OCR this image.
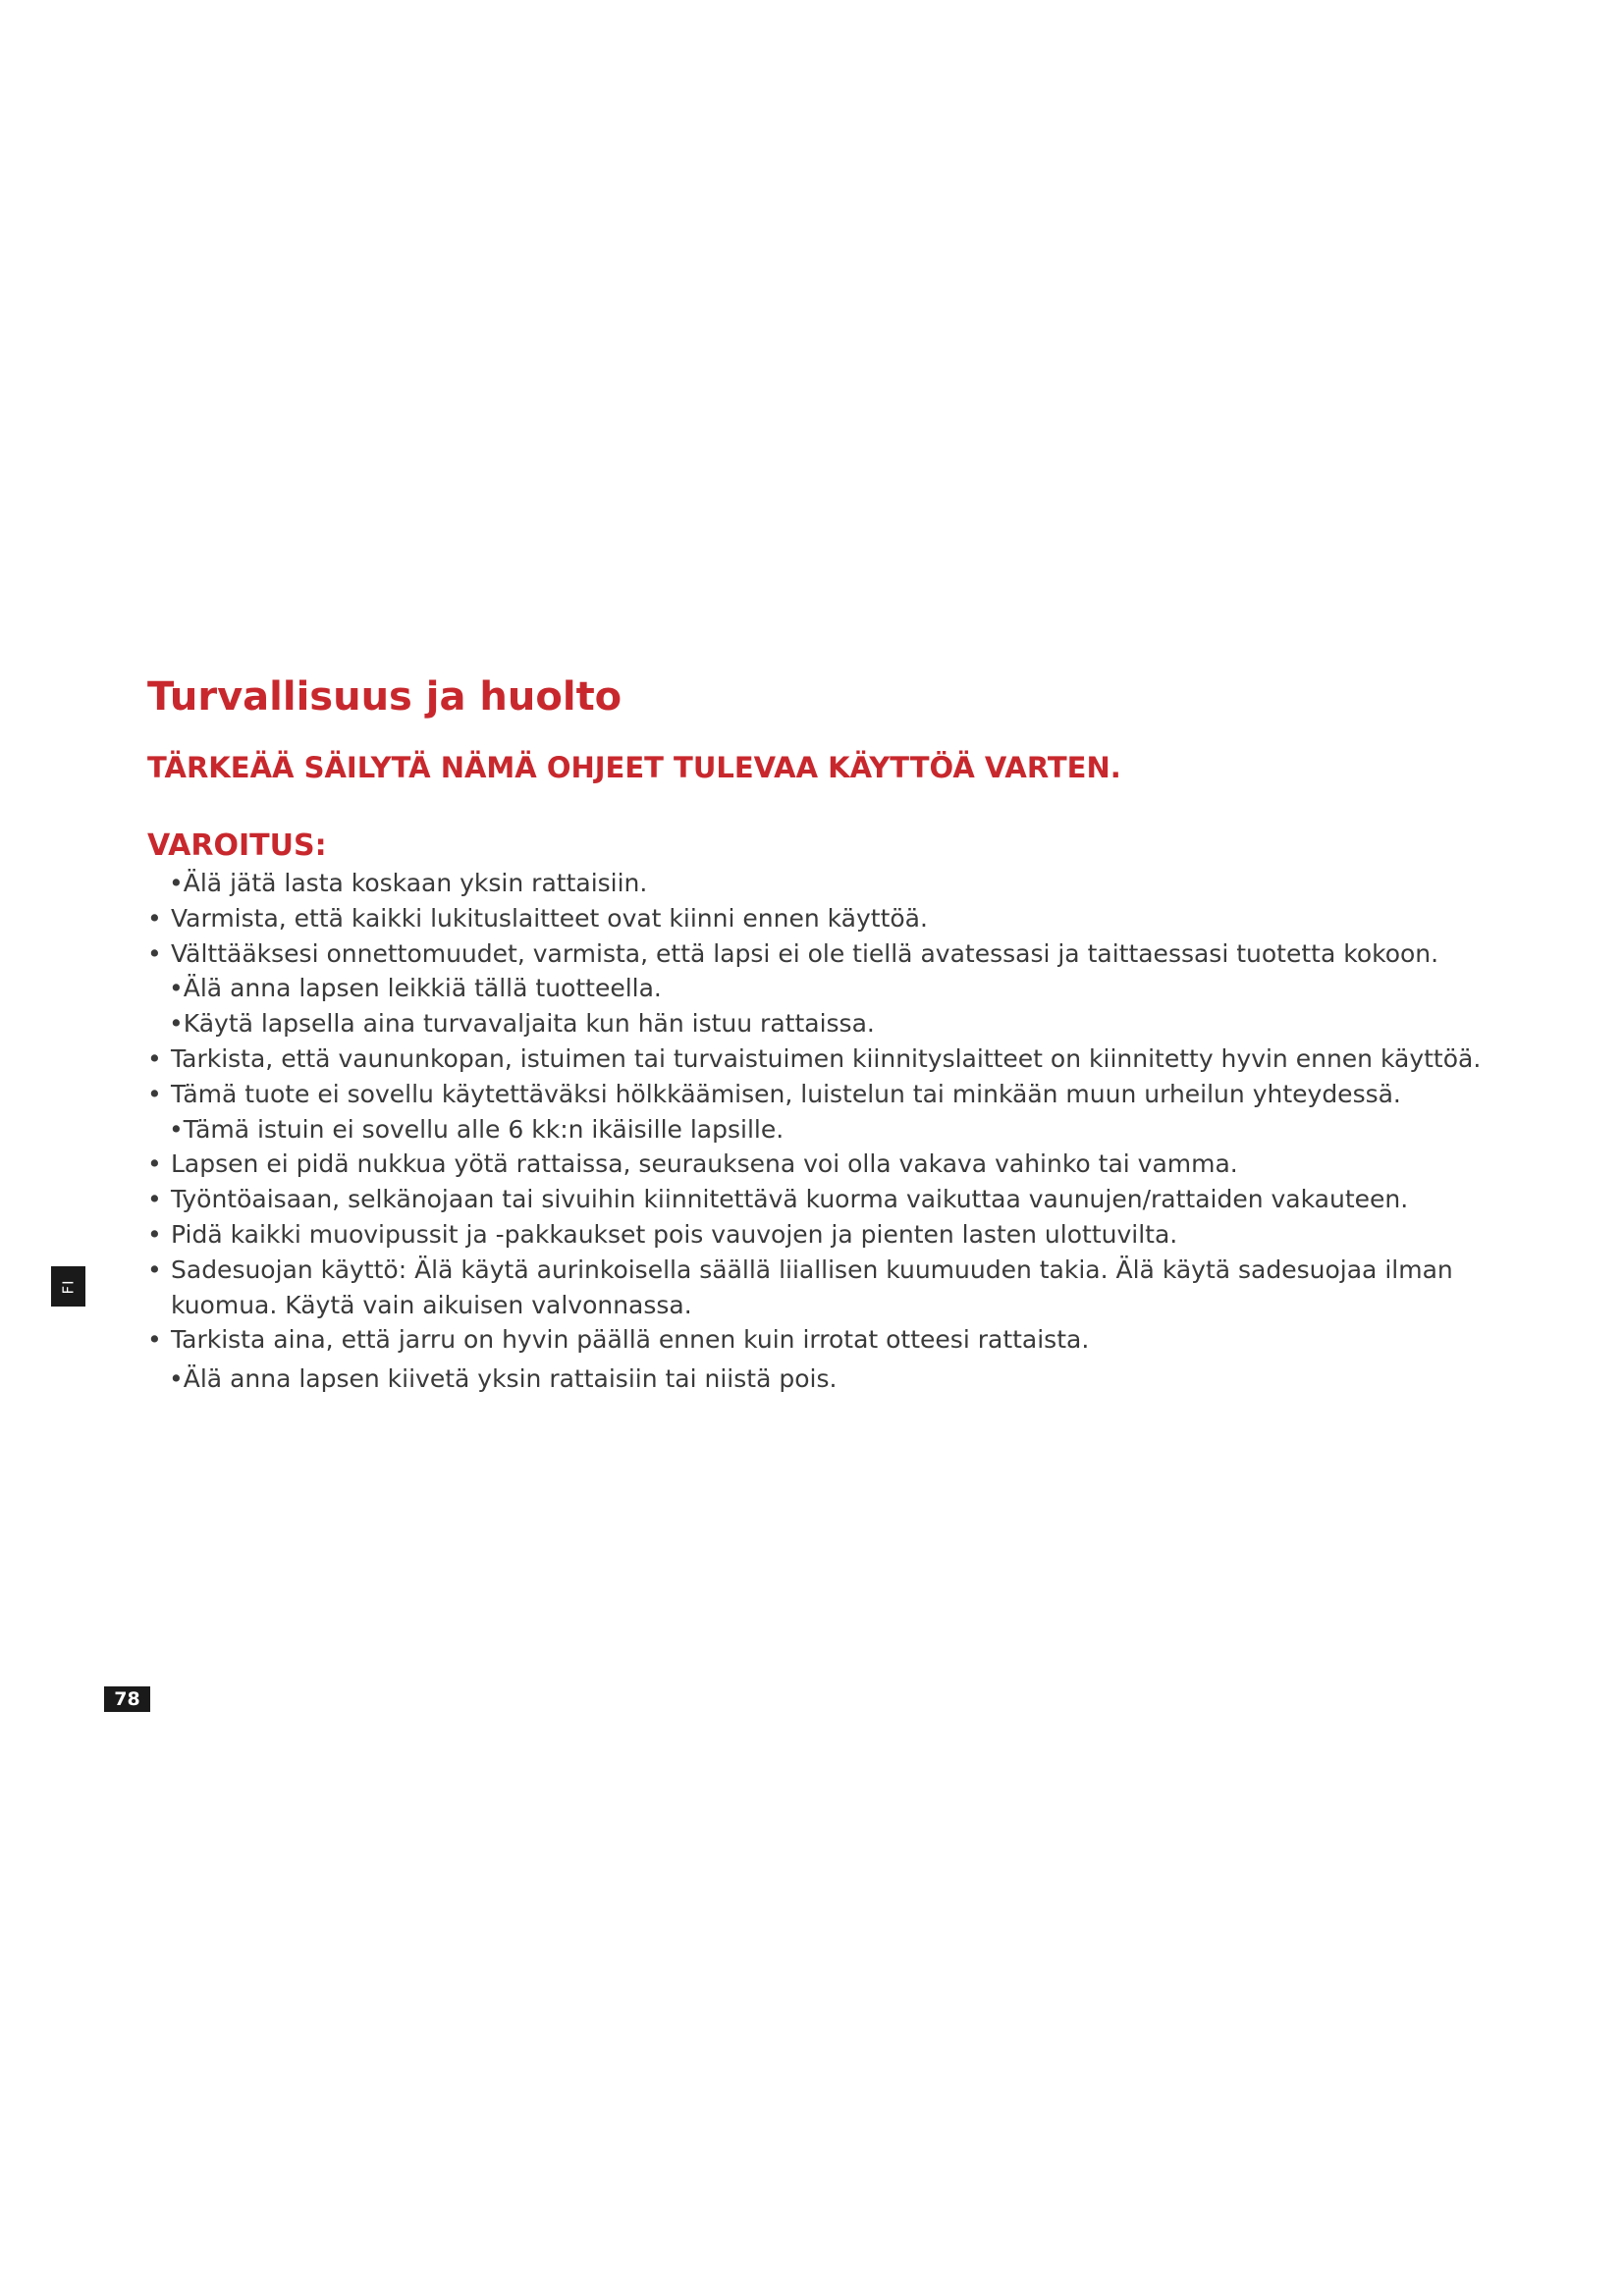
Turvallisuus ja huolto

TÄRKEÄÄ SÄILYTÄ NÄMÄ OHJEET TULEVAA KÄYTTÖÄ VARTEN.

VAROITUS:
•Älä jätä lasta koskaan yksin rattaisiin.
• Varmista, että kaikki lukituslaitteet ovat kiinni ennen käyttöä.
• Välttääksesi onnettomuudet, varmista, että lapsi ei ole tiellä avatessasi ja taittaessasi tuotetta kokoon.
•Älä anna lapsen leikkiä tällä tuotteella.
•Käytä lapsella aina turvavaljaita kun hän istuu rattaissa.
• Tarkista, että vaununkopan, istuimen tai turvaistuimen kiinnityslaitteet on kiinnitetty hyvin ennen käyttöä.
• Tämä tuote ei sovellu käytettäväksi hölkkäämisen, luistelun tai minkään muun urheilun yhteydessä.
•Tämä istuin ei sovellu alle 6 kk:n ikäisille lapsille.
• Lapsen ei pidä nukkua yötä rattaissa, seurauksena voi olla vakava vahinko tai vamma.
• Työntöaisaan, selkänojaan tai sivuihin kiinnitettävä kuorma vaikuttaa vaunujen/rattaiden vakauteen.
• Pidä kaikki muovipussit ja -pakkaukset pois vauvojen ja pienten lasten ulottuvilta.
• Sadesuojan käyttö: Älä käytä aurinkoisella säällä liiallisen kuumuuden takia. Älä käytä sadesuojaa ilman kuomua. Käytä vain aikuisen valvonnassa.
• Tarkista aina, että jarru on hyvin päällä ennen kuin irrotat otteesi rattaista.
•Älä anna lapsen kiivetä yksin rattaisiin tai niistä pois.
FI
78
